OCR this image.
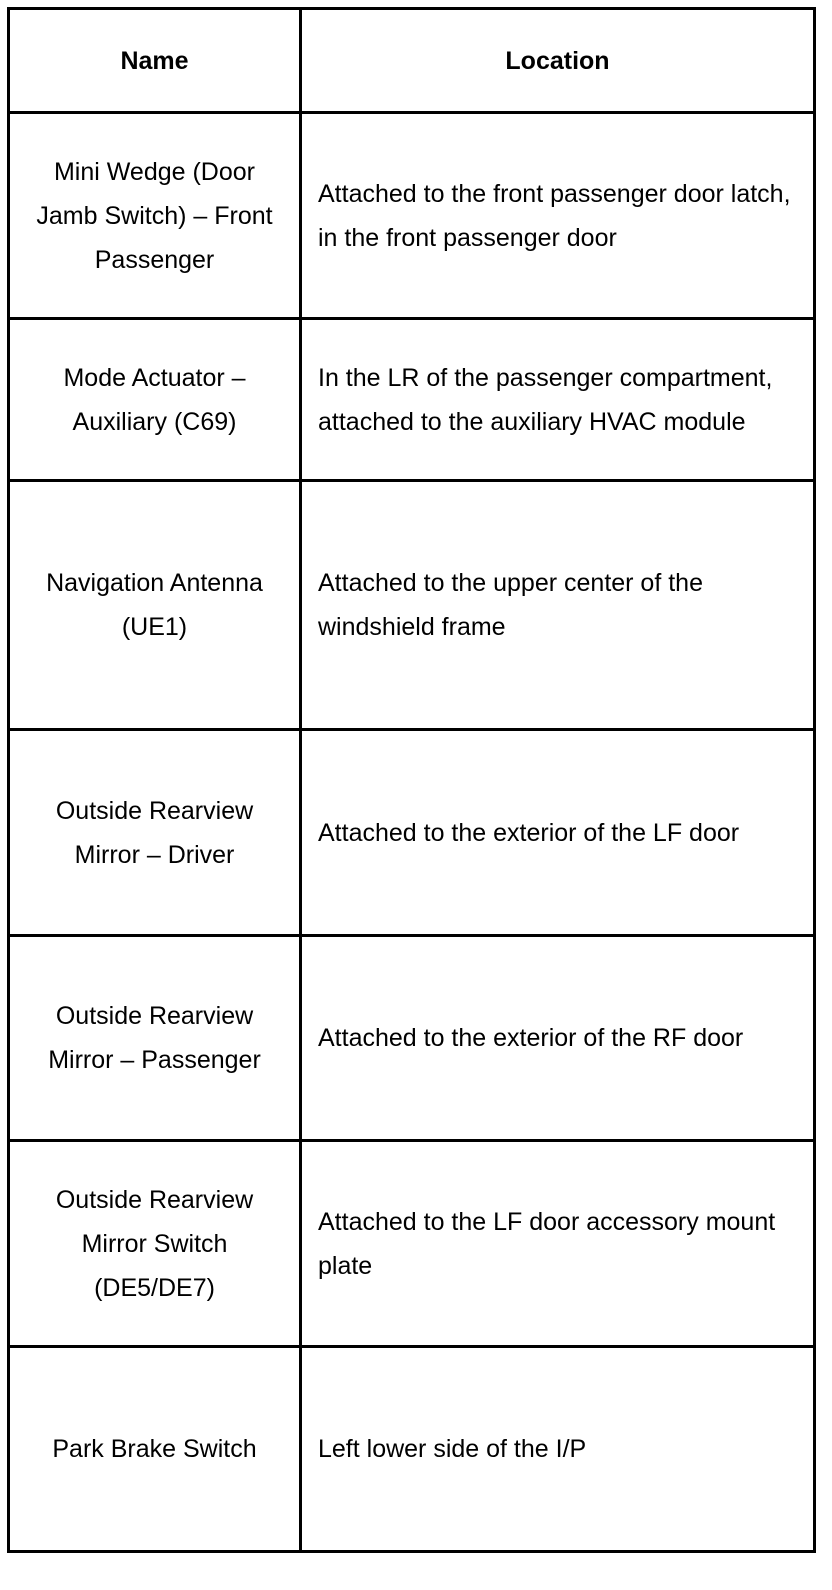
Name	Location

Mini Wedge (Door Jamb Switch) – Front Passenger	Attached to the front passenger door latch, in the front passenger door

Mode Actuator – Auxiliary (C69)	In the LR of the passenger compartment, attached to the auxiliary HVAC module

Navigation Antenna (UE1)	Attached to the upper center of the windshield frame

Outside Rearview Mirror – Driver	Attached to the exterior of the LF door

Outside Rearview Mirror – Passenger	Attached to the exterior of the RF door

Outside Rearview Mirror Switch (DE5/DE7)	Attached to the LF door accessory mount plate

Park Brake Switch	Left lower side of the I/P
